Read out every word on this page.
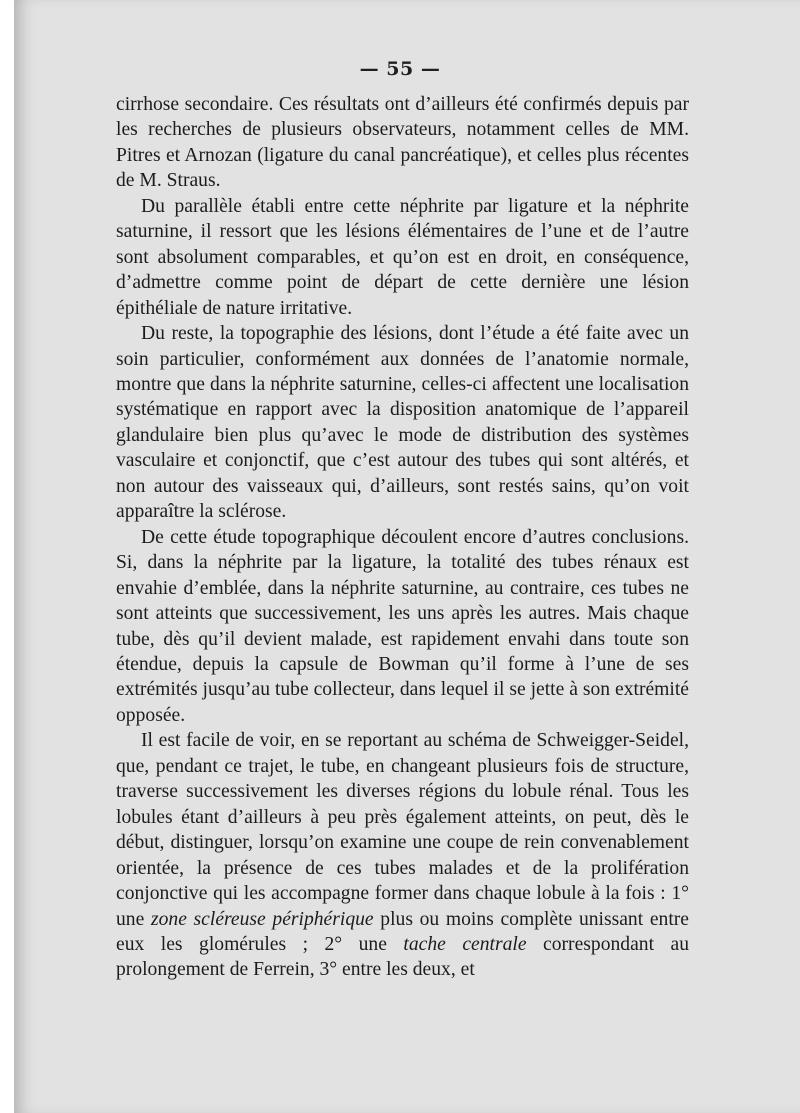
— 55 —

cirrhose secondaire. Ces résultats ont d’ailleurs été confirmés depuis par les recherches de plusieurs observateurs, notamment celles de MM. Pitres et Arnozan (ligature du canal pancréatique), et celles plus récentes de M. Straus.

Du parallèle établi entre cette néphrite par ligature et la néphrite saturnine, il ressort que les lésions élémentaires de l’une et de l’autre sont absolument comparables, et qu’on est en droit, en conséquence, d’admettre comme point de départ de cette dernière une lésion épithéliale de nature irritative.

Du reste, la topographie des lésions, dont l’étude a été faite avec un soin particulier, conformément aux données de l’anatomie normale, montre que dans la néphrite saturnine, celles-ci affectent une localisation systématique en rapport avec la disposition anatomique de l’appareil glandulaire bien plus qu’avec le mode de distribution des systèmes vasculaire et conjonctif, que c’est autour des tubes qui sont altérés, et non autour des vaisseaux qui, d’ailleurs, sont restés sains, qu’on voit apparaître la sclérose.

De cette étude topographique découlent encore d’autres conclusions. Si, dans la néphrite par la ligature, la totalité des tubes rénaux est envahie d’emblée, dans la néphrite saturnine, au contraire, ces tubes ne sont atteints que successivement, les uns après les autres. Mais chaque tube, dès qu’il devient malade, est rapidement envahi dans toute son étendue, depuis la capsule de Bowman qu’il forme à l’une de ses extrémités jusqu’au tube collecteur, dans lequel il se jette à son extrémité opposée.

Il est facile de voir, en se reportant au schéma de Schweigger-Seidel, que, pendant ce trajet, le tube, en changeant plusieurs fois de structure, traverse successivement les diverses régions du lobule rénal. Tous les lobules étant d’ailleurs à peu près également atteints, on peut, dès le début, distinguer, lorsqu’on examine une coupe de rein convenablement orientée, la présence de ces tubes malades et de la prolifération conjonctive qui les accompagne former dans chaque lobule à la fois : 1° une zone scléreuse périphérique plus ou moins complète unissant entre eux les glomérules ; 2° une tache centrale correspondant au prolongement de Ferrein, 3° entre les deux, et
